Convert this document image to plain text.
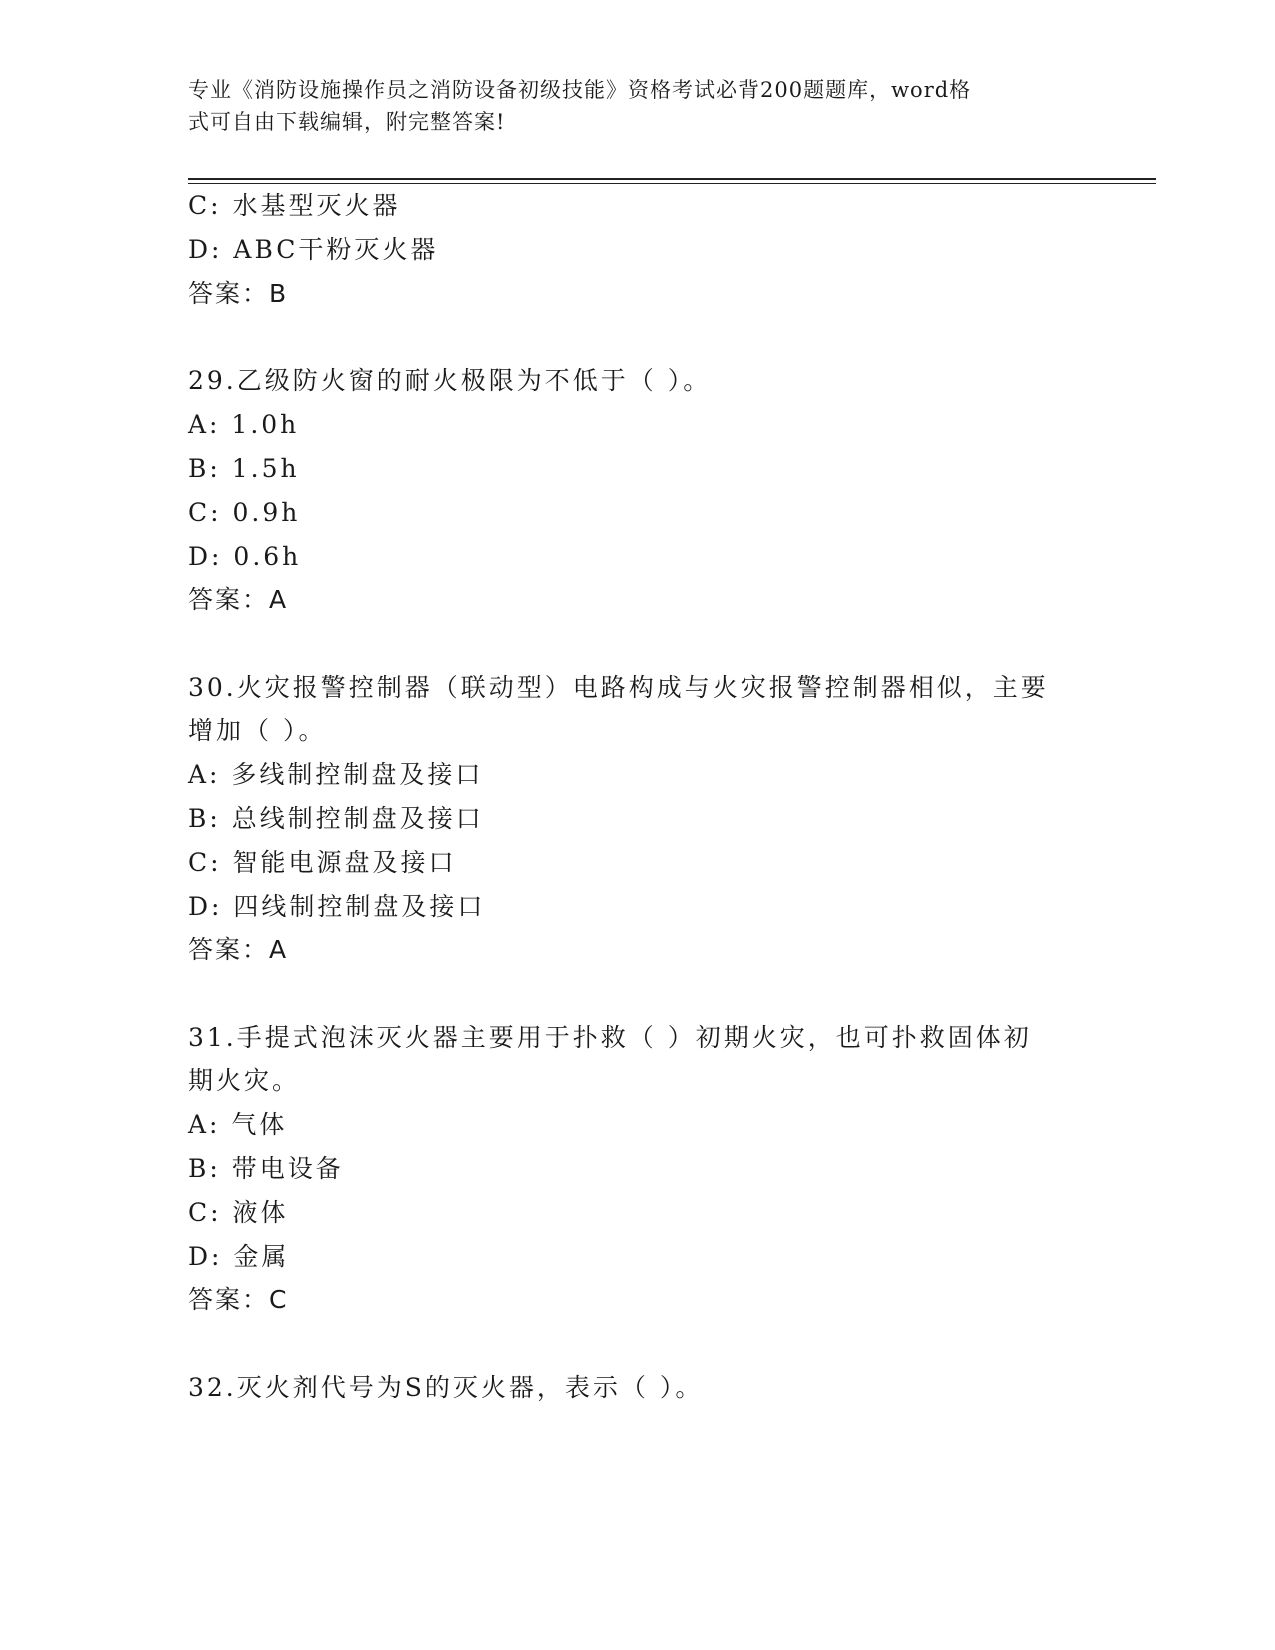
专业《消防设施操作员之消防设备初级技能》资格考试必背200题题库，word格
式可自由下载编辑，附完整答案!
C: 水基型灭火器
D: ABC干粉灭火器
答案：B
29.乙级防火窗的耐火极限为不低于（ ）。
A: 1.0h
B: 1.5h
C: 0.9h
D: 0.6h
答案：A
30.火灾报警控制器（联动型）电路构成与火灾报警控制器相似，主要
增加（ ）。
A: 多线制控制盘及接口
B: 总线制控制盘及接口
C: 智能电源盘及接口
D: 四线制控制盘及接口
答案：A
31.手提式泡沫灭火器主要用于扑救（ ）初期火灾，也可扑救固体初
期火灾。
A: 气体
B: 带电设备
C: 液体
D: 金属
答案：C
32.灭火剂代号为S的灭火器，表示（ ）。
